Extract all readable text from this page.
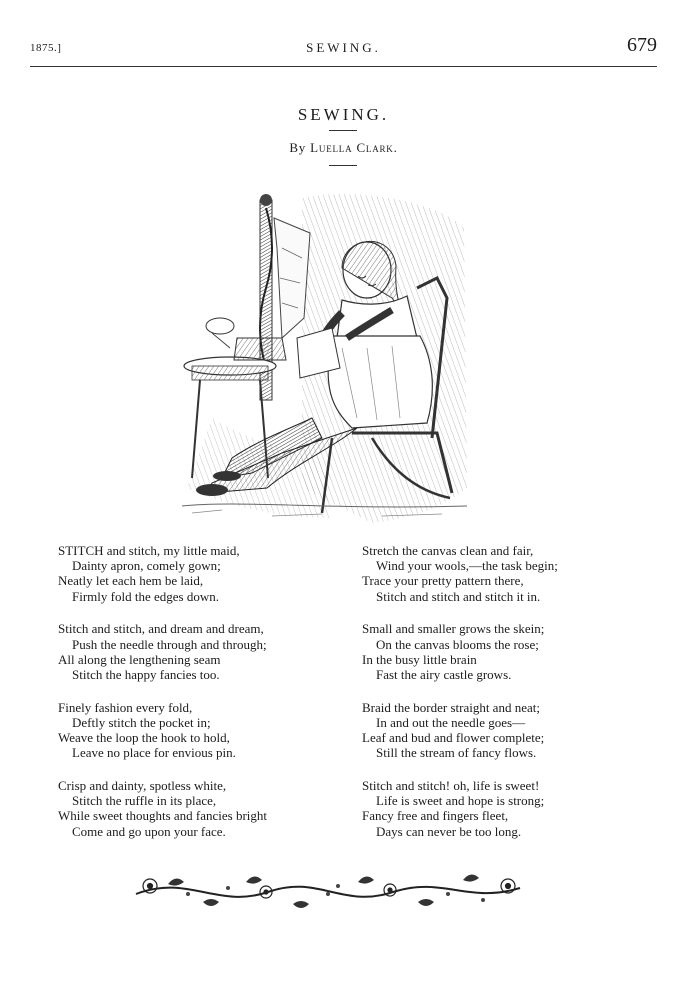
1875.]	SEWING.	679
SEWING.
By Luella Clark.
STITCH and stitch, my little maid,
Dainty apron, comely gown;
Neatly let each hem be laid,
Firmly fold the edges down.
Stitch and stitch, and dream and dream,
Push the needle through and through;
All along the lengthening seam
Stitch the happy fancies too.
Finely fashion every fold,
Deftly stitch the pocket in;
Weave the loop the hook to hold,
Leave no place for envious pin.
Crisp and dainty, spotless white,
Stitch the ruffle in its place,
While sweet thoughts and fancies bright
Come and go upon your face.
Stretch the canvas clean and fair,
Wind your wools,—the task begin;
Trace your pretty pattern there,
Stitch and stitch and stitch it in.
Small and smaller grows the skein;
On the canvas blooms the rose;
In the busy little brain
Fast the airy castle grows.
Braid the border straight and neat;
In and out the needle goes—
Leaf and bud and flower complete;
Still the stream of fancy flows.
Stitch and stitch! oh, life is sweet!
Life is sweet and hope is strong;
Fancy free and fingers fleet,
Days can never be too long.
